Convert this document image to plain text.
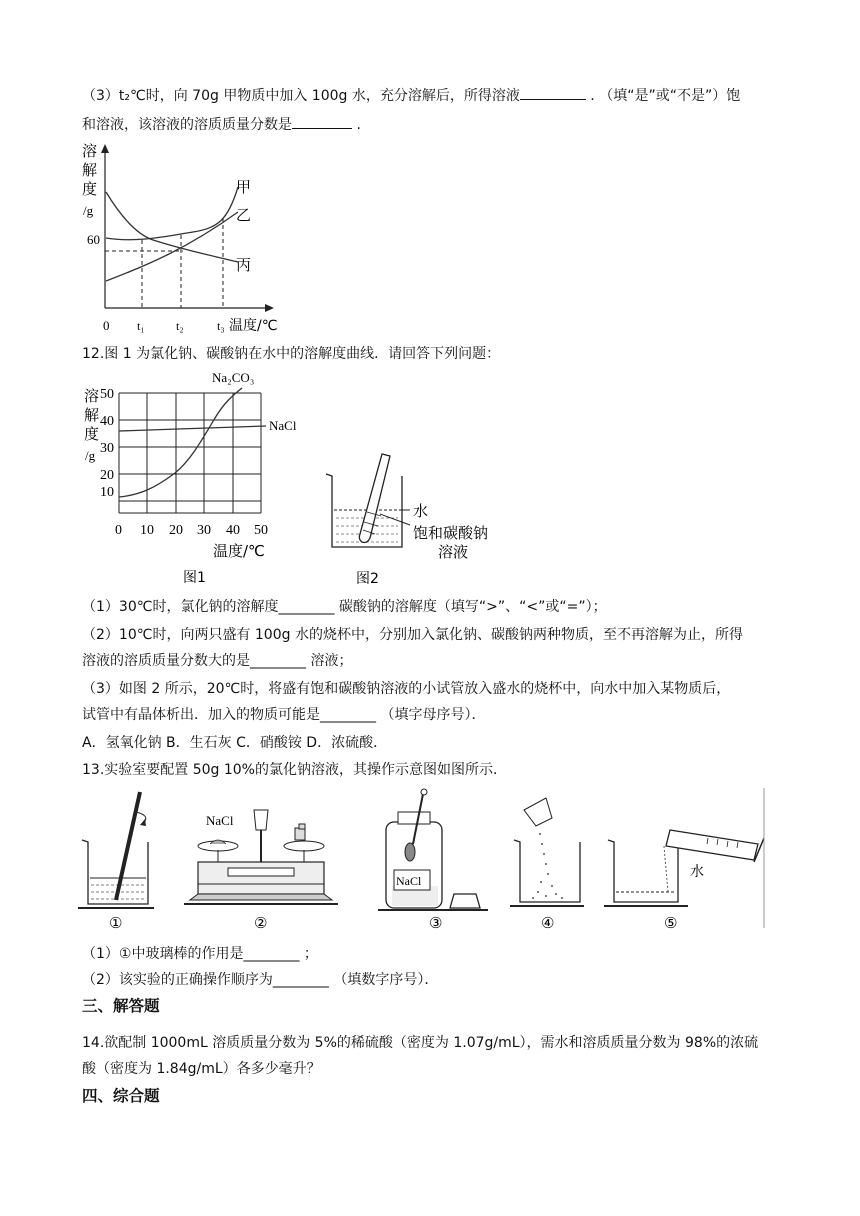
（3）t₂℃时，向 70g 甲物质中加入 100g 水，充分溶解后，所得溶液	. （填“是”或“不是”）饱
和溶液，该溶液的溶质质量分数是	.
溶
解
度
/g
60
甲
乙
丙
0 t₁	t₂	t₃ 温度/℃
12.图 1 为氯化钠、碳酸钠在水中的溶解度曲线．请回答下列问题：
溶
解
度
/g
50
40
30
20
10
Na₂CO₃
NaCl
0 10 20 30 40 50
温度/℃
图1
水
饱和碳酸钠
溶液
图2
（1）30℃时，氯化钠的溶解度________ 碳酸钠的溶解度（填写“>”、“<”或“=”）；
（2）10℃时，向两只盛有 100g 水的烧杯中，分别加入氯化钠、碳酸钠两种物质，至不再溶解为止，所得
溶液的溶质质量分数大的是________ 溶液；
（3）如图 2 所示，20℃时，将盛有饱和碳酸钠溶液的小试管放入盛水的烧杯中，向水中加入某物质后，
试管中有晶体析出．加入的物质可能是________ （填字母序号）．
A．氢氧化钠 B．生石灰 C．硝酸铵 D．浓硫酸．
13.实验室要配置 50g 10%的氯化钠溶液，其操作示意图如图所示．
①
NaCl
②
NaCl
③	④
水
⑤
（1）①中玻璃棒的作用是________ ；
（2）该实验的正确操作顺序为________ （填数字序号）．
三、解答题
14.欲配制 1000mL 溶质质量分数为 5%的稀硫酸（密度为 1.07g/mL），需水和溶质质量分数为 98%的浓硫
酸（密度为 1.84g/mL）各多少毫升？
四、综合题
